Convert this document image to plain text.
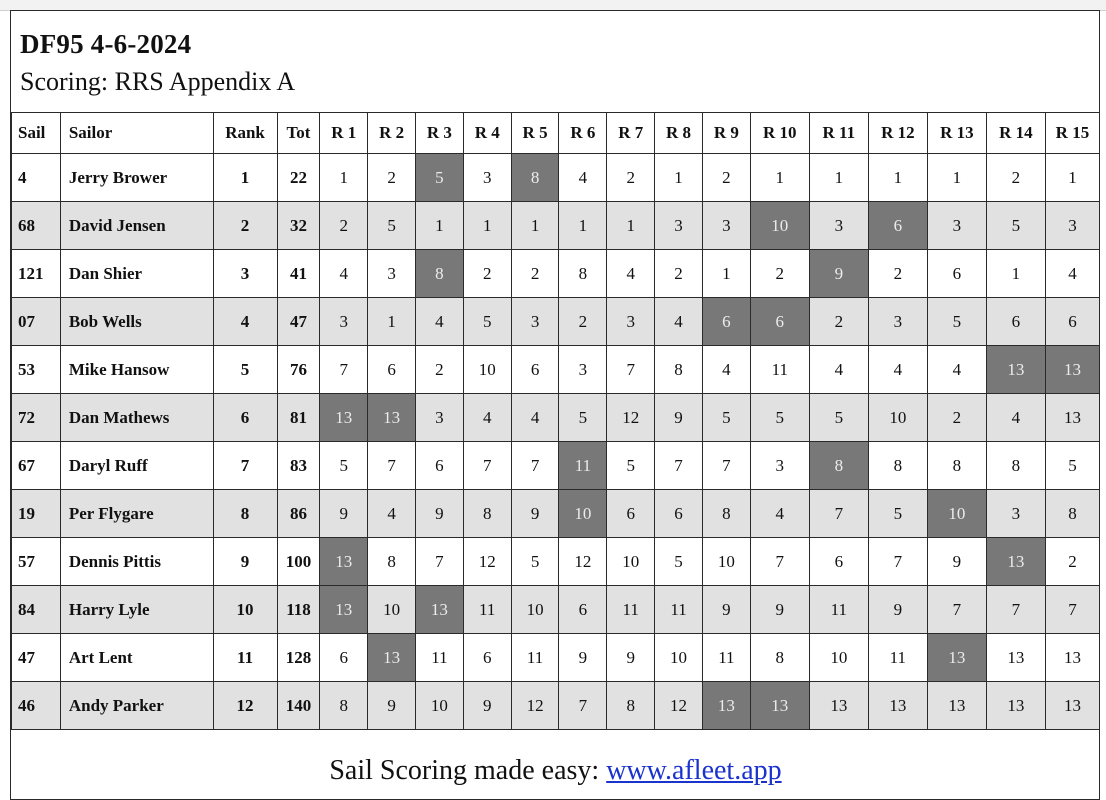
DF95 4-6-2024
Scoring: RRS Appendix A
Sail	Sailor	Rank	Tot	R 1	R 2	R 3	R 4	R 5	R 6	R 7	R 8	R 9	R 10	R 11	R 12	R 13	R 14	R 15
4	Jerry Brower	1	22	1	2	5	3	8	4	2	1	2	1	1	1	1	2	1
68	David Jensen	2	32	2	5	1	1	1	1	1	3	3	10	3	6	3	5	3
121	Dan Shier	3	41	4	3	8	2	2	8	4	2	1	2	9	2	6	1	4
07	Bob Wells	4	47	3	1	4	5	3	2	3	4	6	6	2	3	5	6	6
53	Mike Hansow	5	76	7	6	2	10	6	3	7	8	4	11	4	4	4	13	13
72	Dan Mathews	6	81	13	13	3	4	4	5	12	9	5	5	5	10	2	4	13
67	Daryl Ruff	7	83	5	7	6	7	7	11	5	7	7	3	8	8	8	8	5
19	Per Flygare	8	86	9	4	9	8	9	10	6	6	8	4	7	5	10	3	8
57	Dennis Pittis	9	100	13	8	7	12	5	12	10	5	10	7	6	7	9	13	2
84	Harry Lyle	10	118	13	10	13	11	10	6	11	11	9	9	11	9	7	7	7
47	Art Lent	11	128	6	13	11	6	11	9	9	10	11	8	10	11	13	13	13
46	Andy Parker	12	140	8	9	10	9	12	7	8	12	13	13	13	13	13	13	13
Sail Scoring made easy: www.afleet.app
